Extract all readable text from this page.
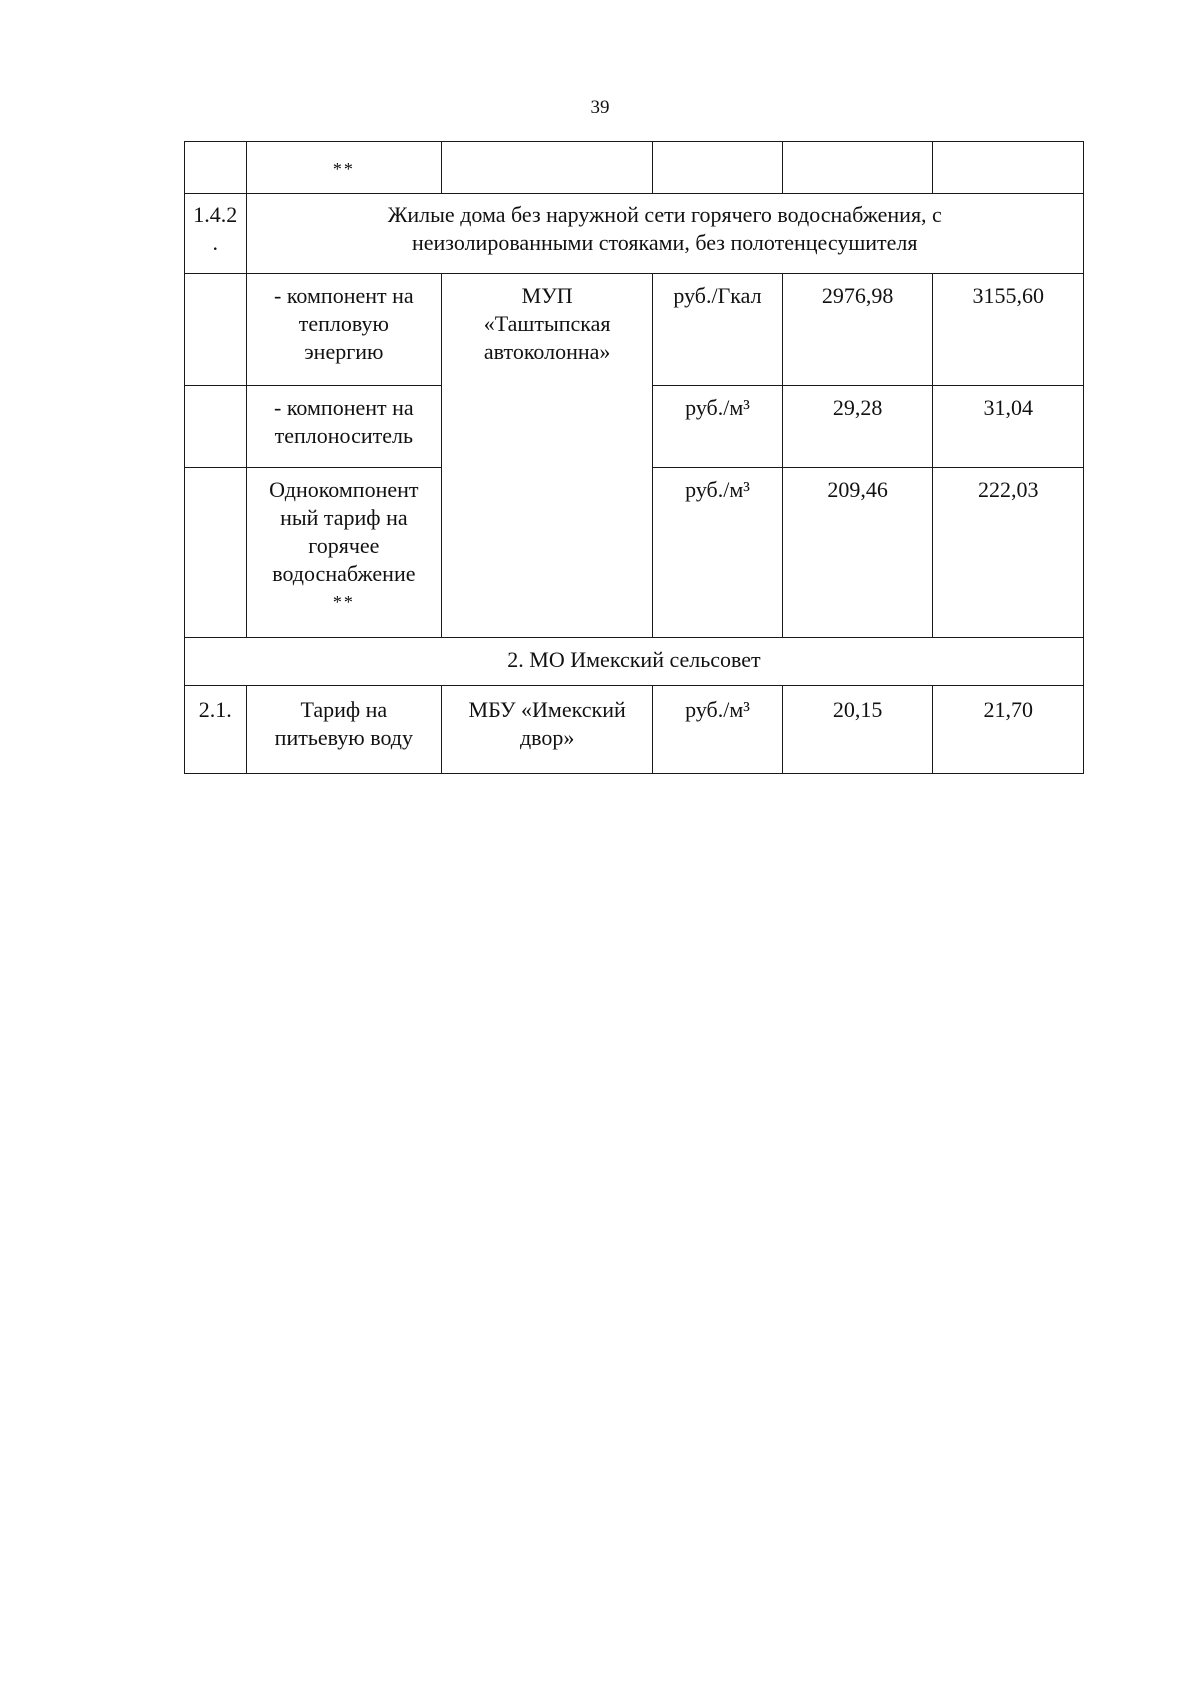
39
	**				

1.4.2
.	Жилые дома без наружной сети горячего водоснабжения, с
неизолированными стояками, без полотенцесушителя				

	- компонент на
тепловую
энергию	МУП
«Таштыпская
автоколонна»	руб./Гкал	2976,98	3155,60

	- компонент на
теплоноситель		руб./м³	29,28	31,04

	Однокомпонент
ный тариф на
горячее
водоснабжение
**		руб./м³	209,46	222,03
2. МО Имекский сельсовет					
2.1.	Тариф на
питьевую воду	МБУ «Имекский
двор»	руб./м³	20,15	21,70
